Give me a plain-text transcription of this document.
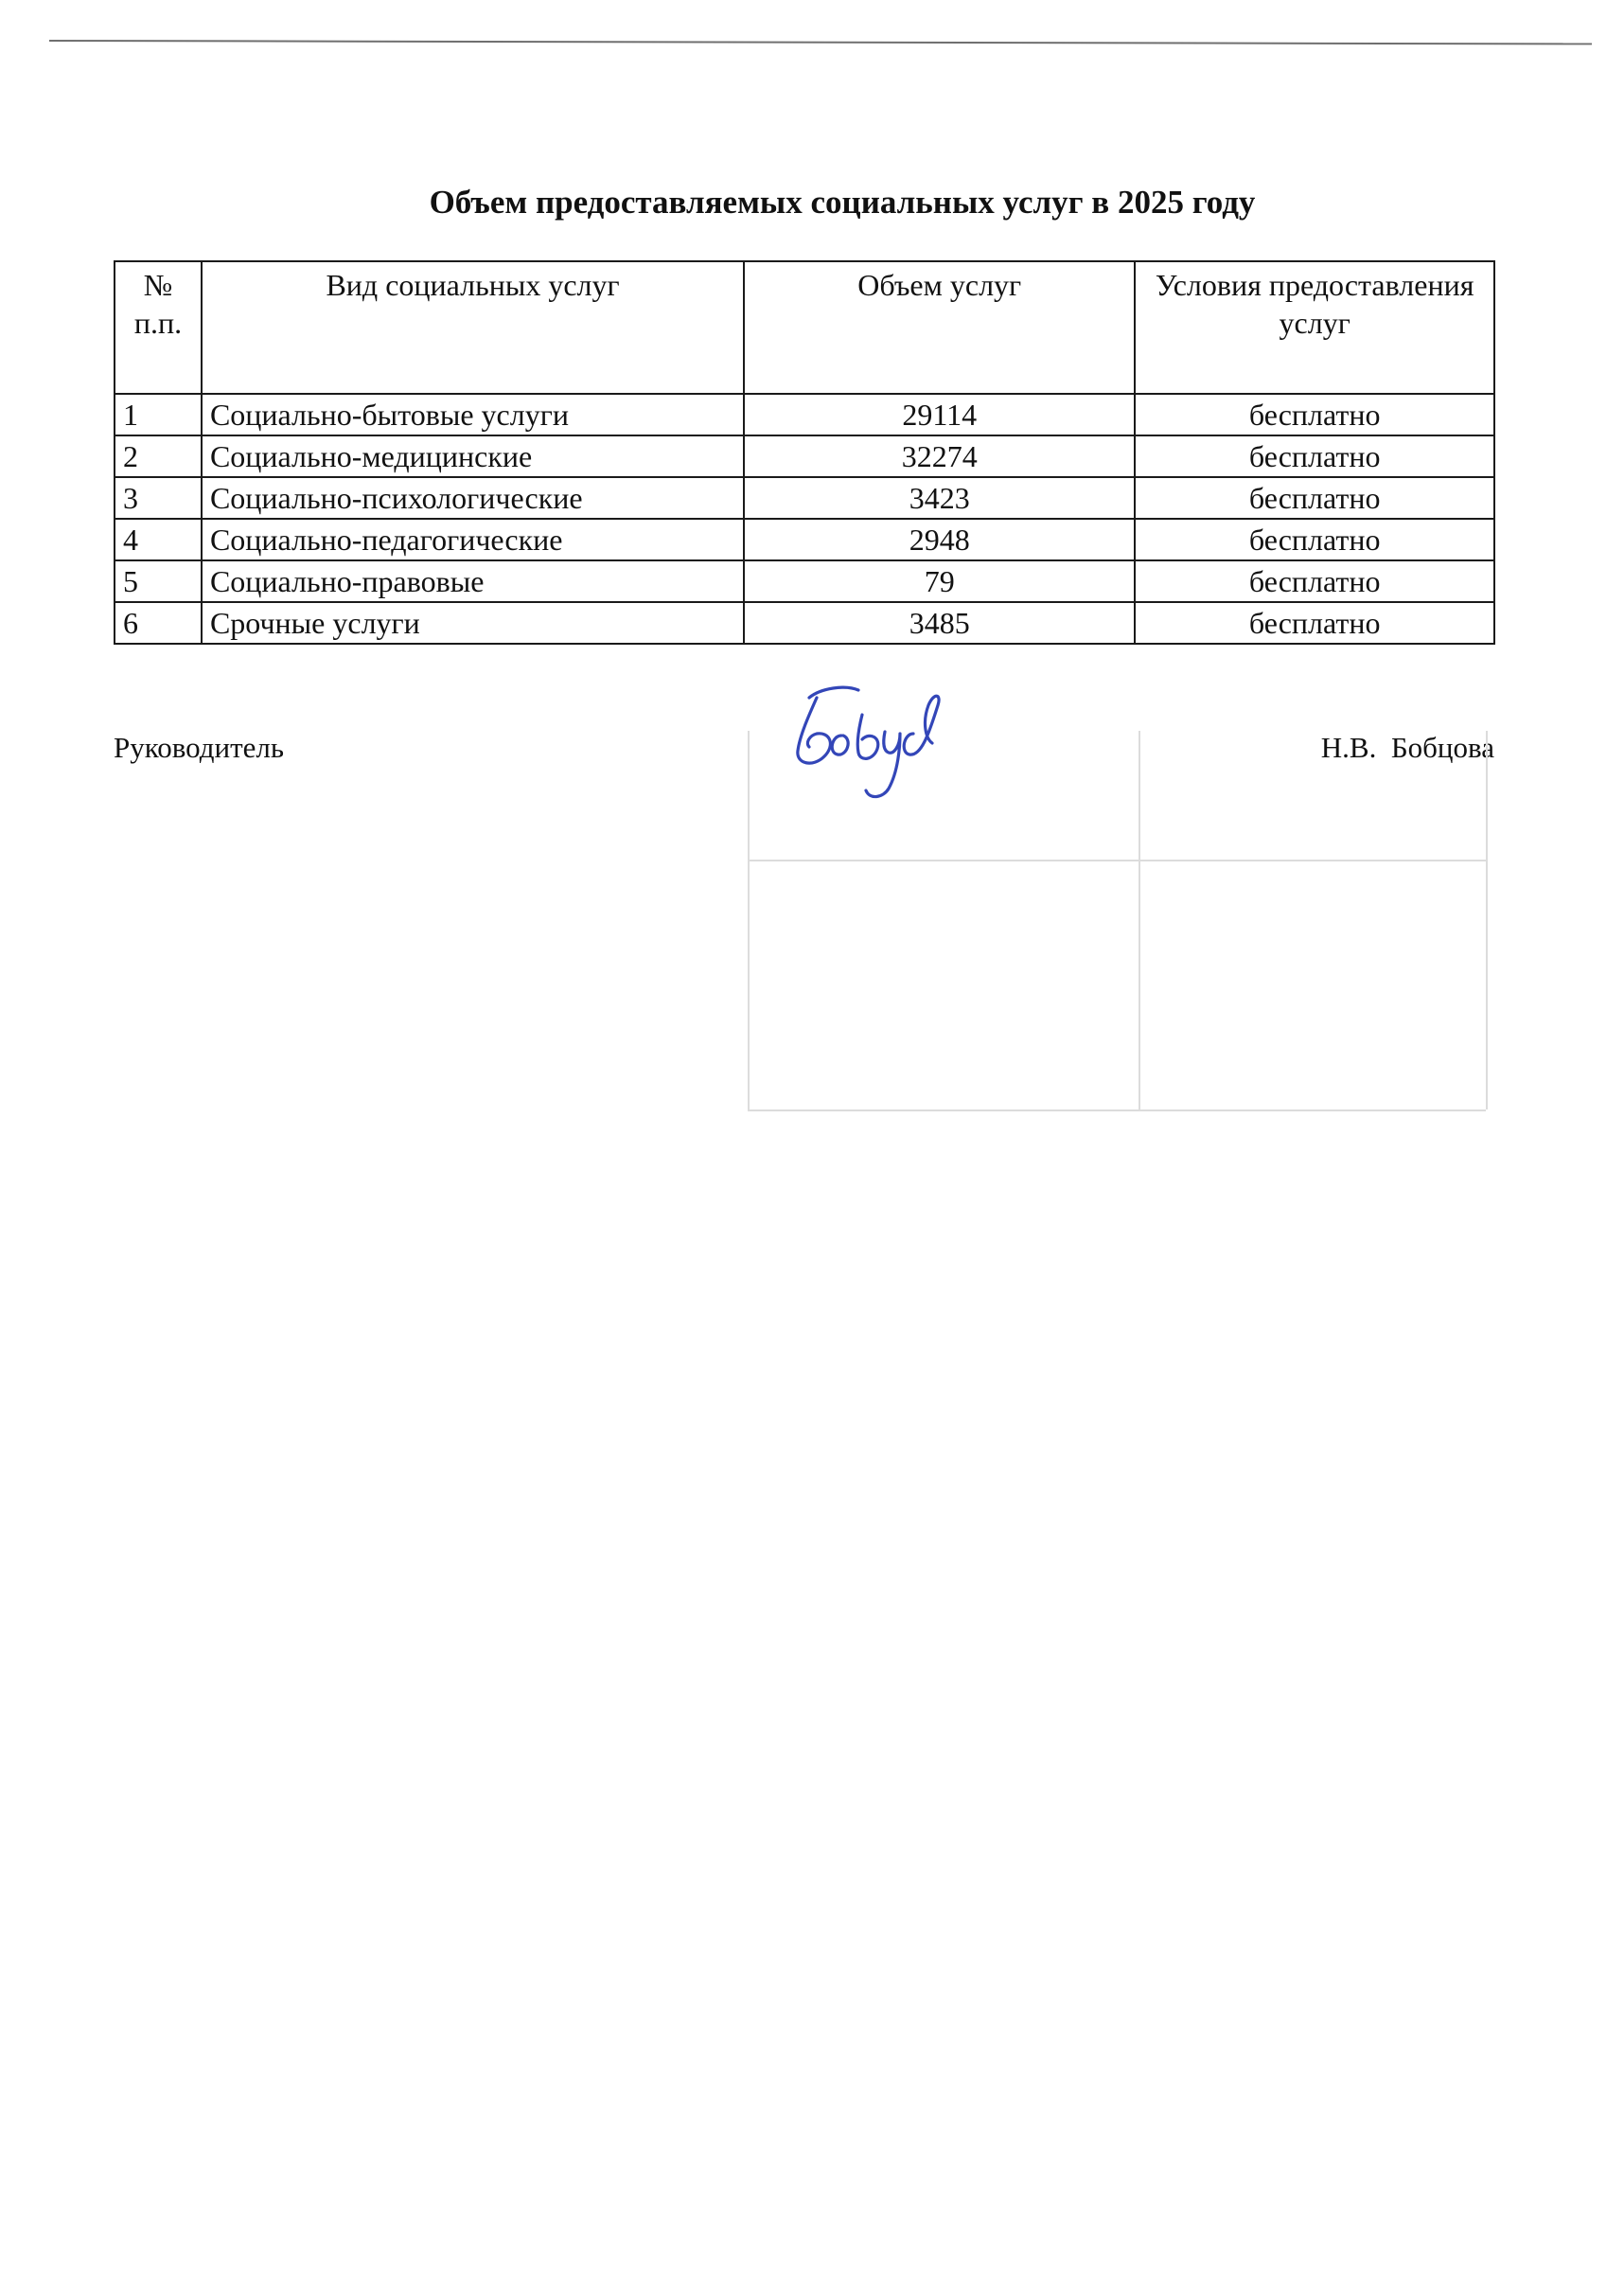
Объем предоставляемых социальных услуг в 2025 году
№ п.п.	Вид социальных услуг	Объем услуг	Условия предоставления услуг
1	Социально-бытовые услуги	29114	бесплатно
2	Социально-медицинские	32274	бесплатно
3	Социально-психологические	3423	бесплатно
4	Социально-педагогические	2948	бесплатно
5	Социально-правовые	79	бесплатно
6	Срочные услуги	3485	бесплатно
Руководитель	Н.В.  Бобцова
